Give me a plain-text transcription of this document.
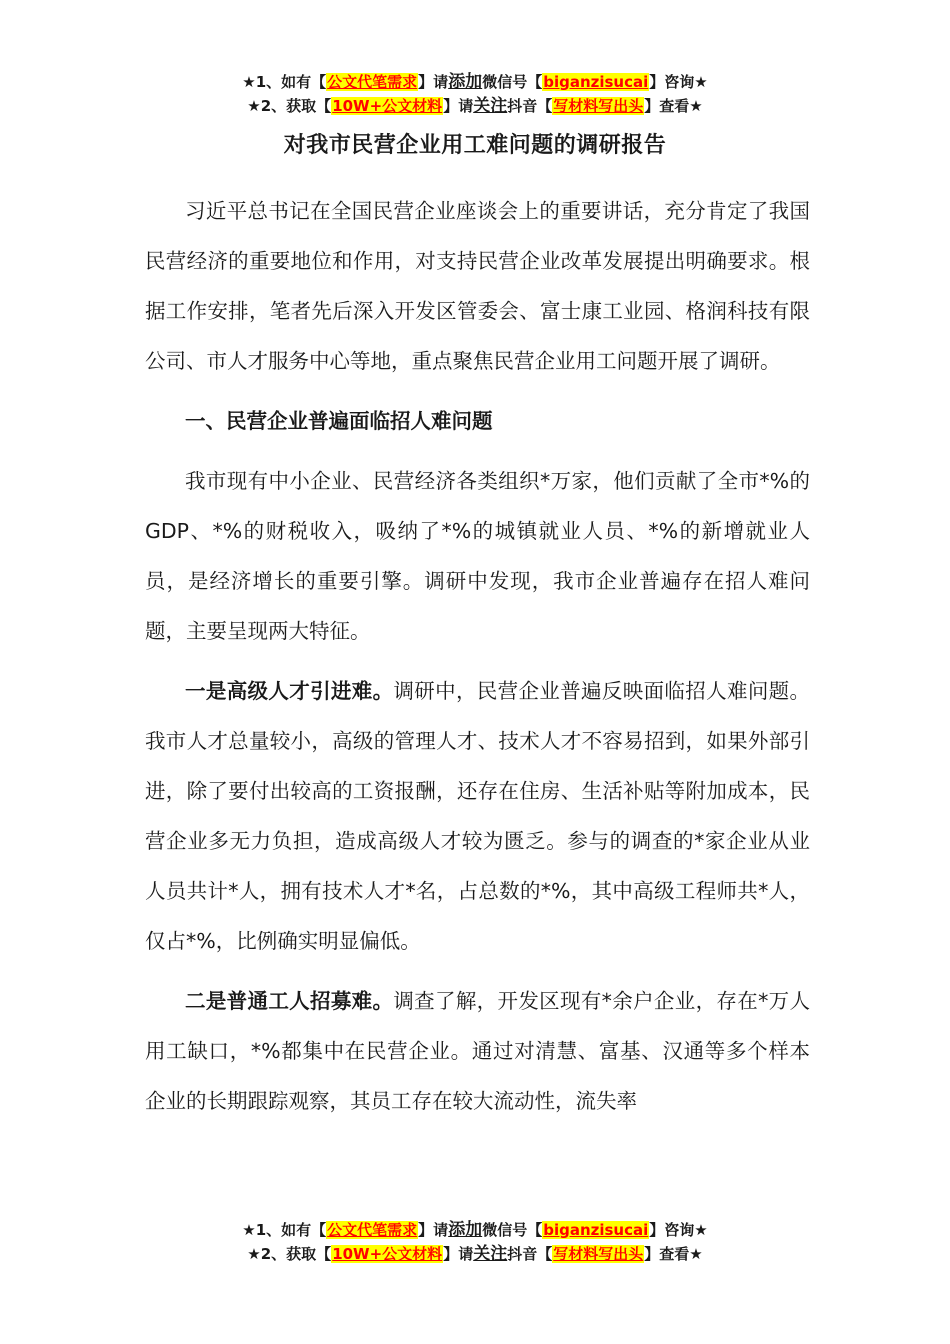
★1、如有【公文代笔需求】请添加微信号【biganzisucai】咨询★
★2、获取【10W+公文材料】请关注抖音【写材料写出头】查看★
对我市民营企业用工难问题的调研报告

习近平总书记在全国民营企业座谈会上的重要讲话，充分肯定了我国民营经济的重要地位和作用，对支持民营企业改革发展提出明确要求。根据工作安排，笔者先后深入开发区管委会、富士康工业园、格润科技有限公司、市人才服务中心等地，重点聚焦民营企业用工问题开展了调研。

一、民营企业普遍面临招人难问题

我市现有中小企业、民营经济各类组织*万家，他们贡献了全市*%的GDP、*%的财税收入，吸纳了*%的城镇就业人员、*%的新增就业人员，是经济增长的重要引擎。调研中发现，我市企业普遍存在招人难问题，主要呈现两大特征。

一是高级人才引进难。调研中，民营企业普遍反映面临招人难问题。我市人才总量较小，高级的管理人才、技术人才不容易招到，如果外部引进，除了要付出较高的工资报酬，还存在住房、生活补贴等附加成本，民营企业多无力负担，造成高级人才较为匮乏。参与的调查的*家企业从业人员共计*人，拥有技术人才*名，占总数的*%，其中高级工程师共*人，仅占*%，比例确实明显偏低。

二是普通工人招募难。调查了解，开发区现有*余户企业，存在*万人用工缺口，*%都集中在民营企业。通过对清慧、富基、汉通等多个样本企业的长期跟踪观察，其员工存在较大流动性，流失率

★1、如有【公文代笔需求】请添加微信号【biganzisucai】咨询★
★2、获取【10W+公文材料】请关注抖音【写材料写出头】查看★
